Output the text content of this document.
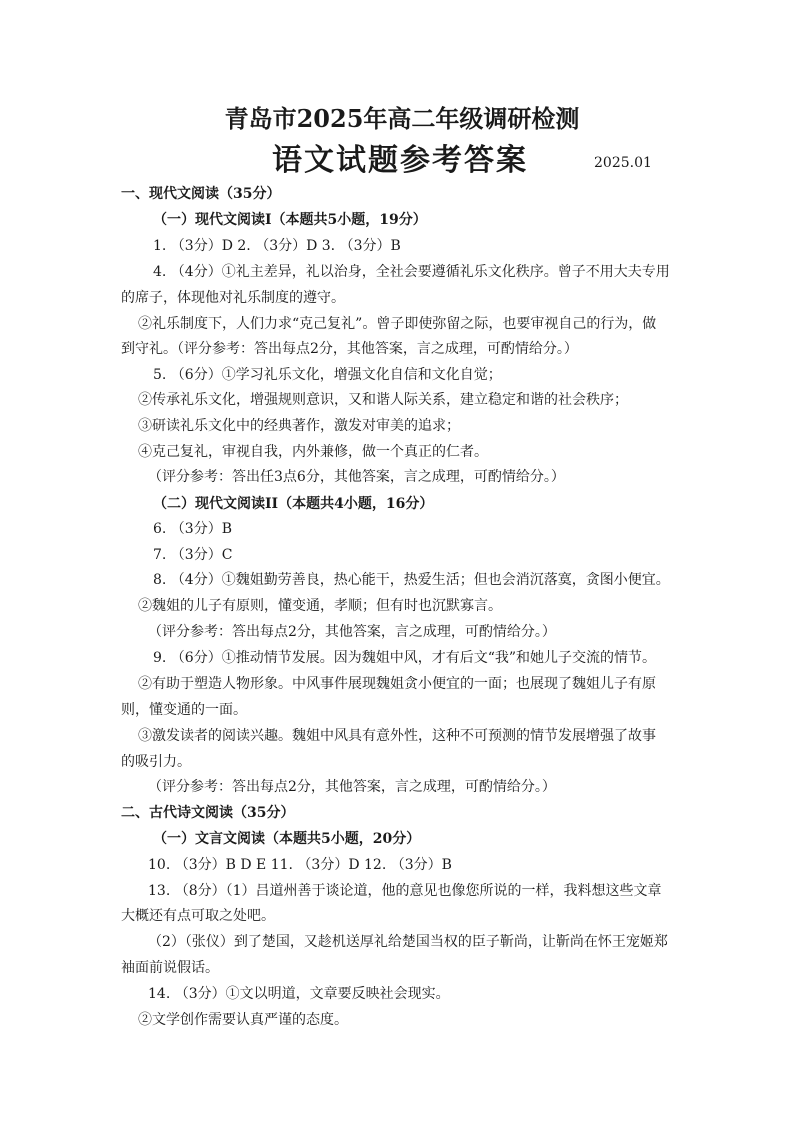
青岛市2025年高二年级调研检测
语文试题参考答案	2025.01
一、现代文阅读（35分）
（一）现代文阅读I（本题共5小题，19分）
1. （3分）D 2. （3分）D 3. （3分）B
4. （4分）①礼主差异，礼以治身，全社会要遵循礼乐文化秩序。曾子不用大夫专用
的席子，体现他对礼乐制度的遵守。
②礼乐制度下，人们力求“克己复礼”。曾子即使弥留之际，也要审视自己的行为，做
到守礼。（评分参考：答出每点2分，其他答案，言之成理，可酌情给分。）
5. （6分）①学习礼乐文化，增强文化自信和文化自觉；
②传承礼乐文化，增强规则意识，又和谐人际关系，建立稳定和谐的社会秩序；
③研读礼乐文化中的经典著作，激发对审美的追求；
④克己复礼，审视自我，内外兼修，做一个真正的仁者。
（评分参考：答出任3点6分，其他答案，言之成理，可酌情给分。）
（二）现代文阅读II（本题共4小题，16分）
6. （3分）B
7. （3分）C
8. （4分）①魏姐勤劳善良，热心能干，热爱生活；但也会消沉落寞，贪图小便宜。
②魏姐的儿子有原则，懂变通，孝顺；但有时也沉默寡言。
（评分参考：答出每点2分，其他答案，言之成理，可酌情给分。）
9. （6分）①推动情节发展。因为魏姐中风，才有后文“我”和她儿子交流的情节。
②有助于塑造人物形象。中风事件展现魏姐贪小便宜的一面；也展现了魏姐儿子有原
则，懂变通的一面。
③激发读者的阅读兴趣。魏姐中风具有意外性，这种不可预测的情节发展增强了故事
的吸引力。
（评分参考：答出每点2分，其他答案，言之成理，可酌情给分。）
二、古代诗文阅读（35分）
（一）文言文阅读（本题共5小题，20分）
10. （3分）B D E 11. （3分）D 12. （3分）B
13. （8分）（1）吕道州善于谈论道，他的意见也像您所说的一样，我料想这些文章
大概还有点可取之处吧。
（2）（张仪）到了楚国，又趁机送厚礼给楚国当权的臣子靳尚，让靳尚在怀王宠姬郑
袖面前说假话。
14. （3分）①文以明道，文章要反映社会现实。
②文学创作需要认真严谨的态度。
